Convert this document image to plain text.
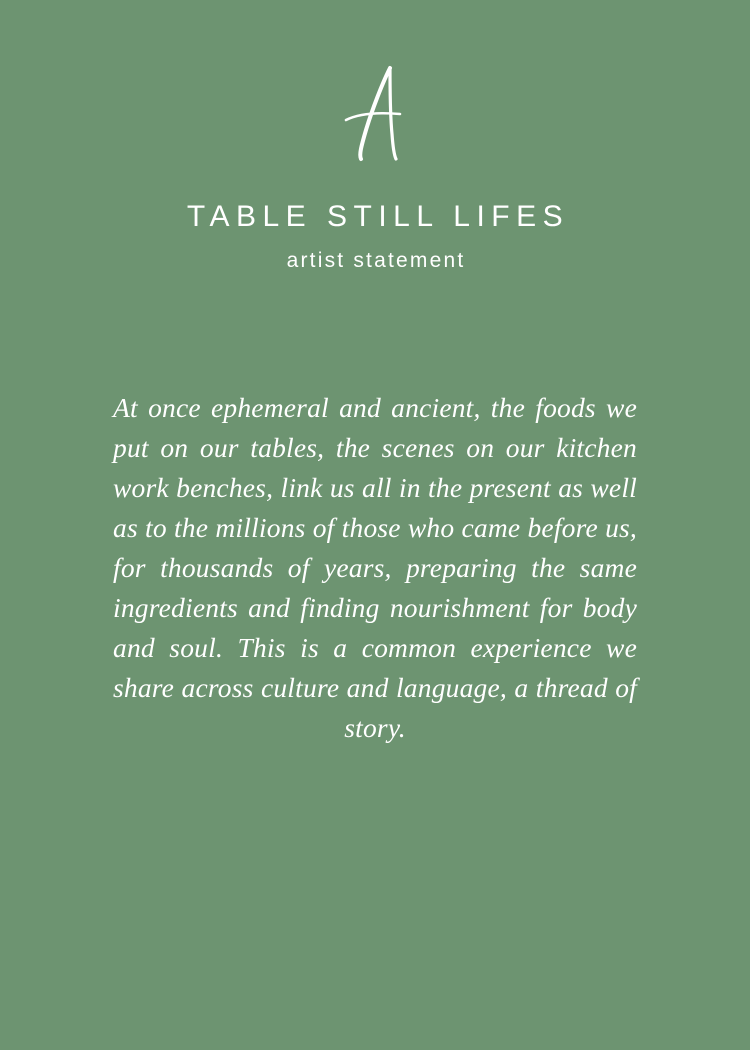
TABLE STILL LIFES
artist statement
At once ephemeral and ancient, the foods we put on our tables, the scenes on our kitchen work benches, link us all in the present as well as to the millions of those who came before us, for thousands of years, preparing the same ingredients and finding nourishment for body and soul. This is a common experience we share across culture and language, a thread of story.
